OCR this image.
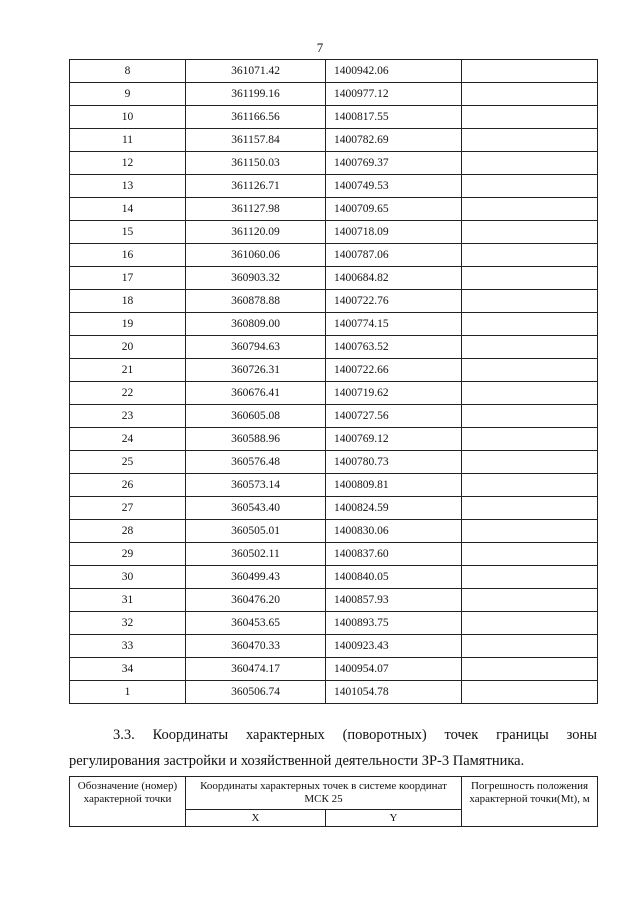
7
8	361071.42	1400942.06	
9	361199.16	1400977.12	
10	361166.56	1400817.55	
11	361157.84	1400782.69	
12	361150.03	1400769.37	
13	361126.71	1400749.53	
14	361127.98	1400709.65	
15	361120.09	1400718.09	
16	361060.06	1400787.06	
17	360903.32	1400684.82	
18	360878.88	1400722.76	
19	360809.00	1400774.15	
20	360794.63	1400763.52	
21	360726.31	1400722.66	
22	360676.41	1400719.62	
23	360605.08	1400727.56	
24	360588.96	1400769.12	
25	360576.48	1400780.73	
26	360573.14	1400809.81	
27	360543.40	1400824.59	
28	360505.01	1400830.06	
29	360502.11	1400837.60	
30	360499.43	1400840.05	
31	360476.20	1400857.93	
32	360453.65	1400893.75	
33	360470.33	1400923.43	
34	360474.17	1400954.07	
1	360506.74	1401054.78	
3.3. Координаты характерных (поворотных) точек границы зоны
регулирования застройки и хозяйственной деятельности ЗР-3 Памятника.
Обозначение (номер) характерной точки	Координаты характерных точек в системе координат МСК 25		Погрешность положения характерной точки(Mt), м
	X	Y	
